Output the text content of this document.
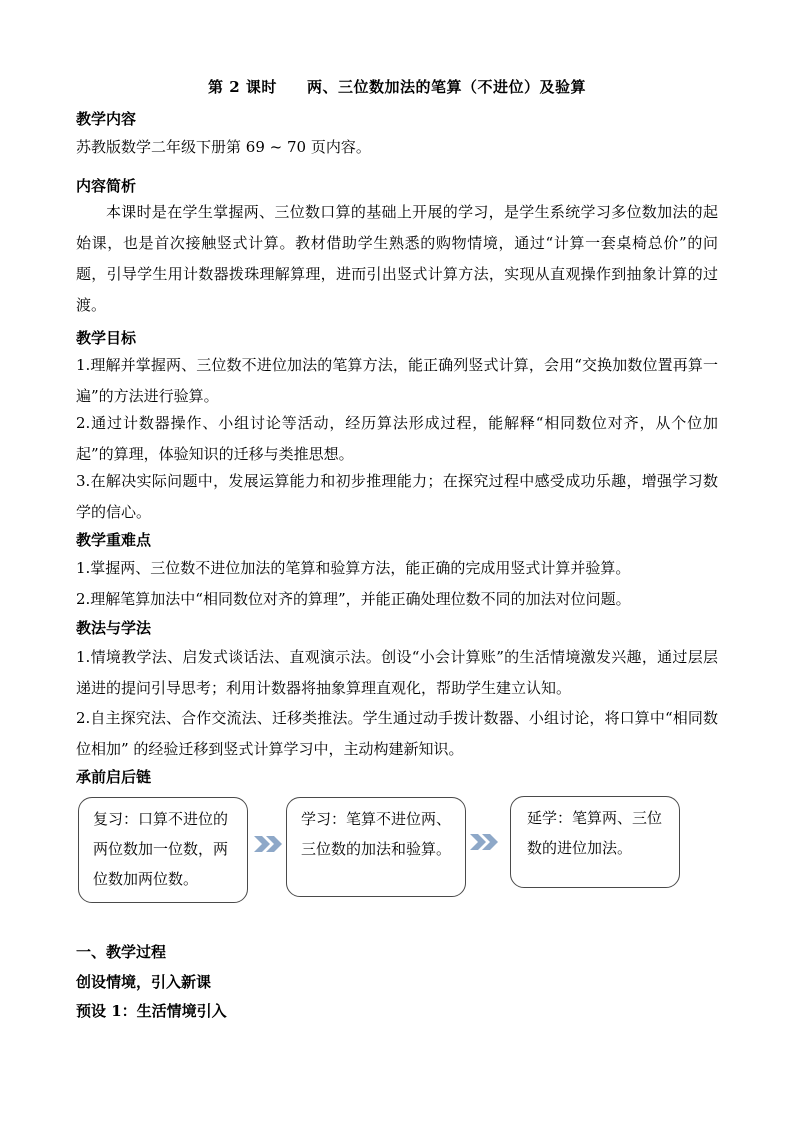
第 2 课时 两、三位数加法的笔算（不进位）及验算
教学内容
苏教版数学二年级下册第 69 ~ 70 页内容。
内容简析
本课时是在学生掌握两、三位数口算的基础上开展的学习，是学生系统学习多位数加法的起始课，也是首次接触竖式计算。教材借助学生熟悉的购物情境，通过“计算一套桌椅总价”的问题，引导学生用计数器拨珠理解算理，进而引出竖式计算方法，实现从直观操作到抽象计算的过渡。
教学目标
1.理解并掌握两、三位数不进位加法的笔算方法，能正确列竖式计算，会用“交换加数位置再算一遍”的方法进行验算。
2.通过计数器操作、小组讨论等活动，经历算法形成过程，能解释“相同数位对齐，从个位加起”的算理，体验知识的迁移与类推思想。
3.在解决实际问题中，发展运算能力和初步推理能力；在探究过程中感受成功乐趣，增强学习数学的信心。
教学重难点
1.掌握两、三位数不进位加法的笔算和验算方法，能正确的完成用竖式计算并验算。
2.理解笔算加法中“相同数位对齐的算理”，并能正确处理位数不同的加法对位问题。
教法与学法
1.情境教学法、启发式谈话法、直观演示法。创设“小会计算账”的生活情境激发兴趣，通过层层递进的提问引导思考；利用计数器将抽象算理直观化，帮助学生建立认知。
2.自主探究法、合作交流法、迁移类推法。学生通过动手拨计数器、小组讨论，将口算中“相同数位相加” 的经验迁移到竖式计算学习中，主动构建新知识。
承前启后链
复习：口算不进位的两位数加一位数，两位数加两位数。
学习：笔算不进位两、三位数的加法和验算。
延学：笔算两、三位数的进位加法。
一、教学过程
创设情境，引入新课
预设 1：生活情境引入
